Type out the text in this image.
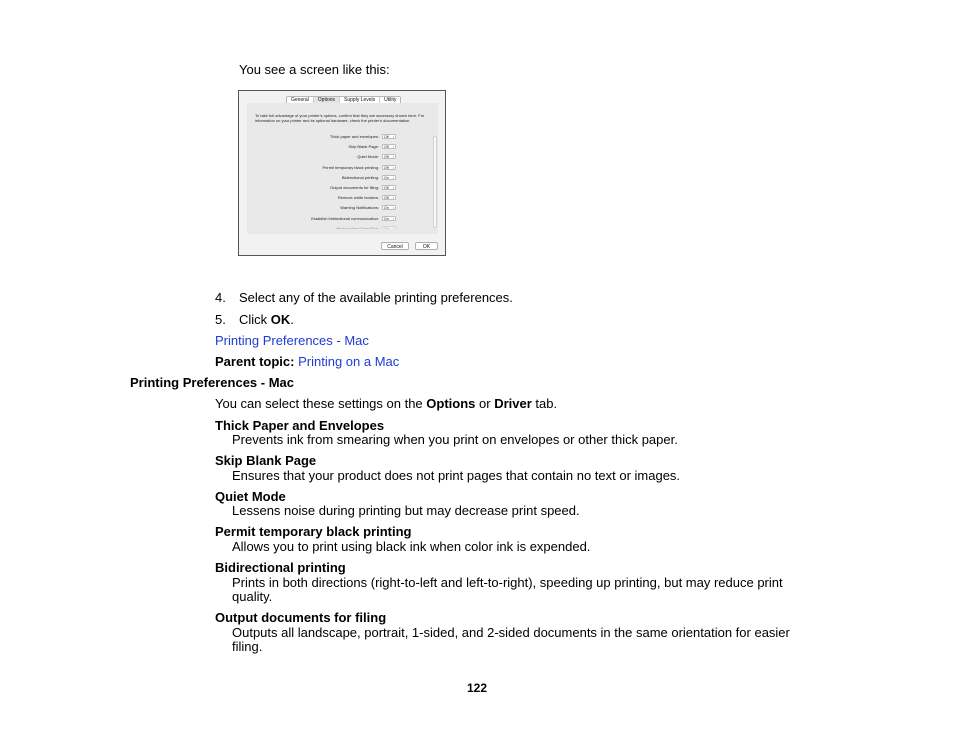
You see a screen like this:
General	Options	Supply Levels	Utility
To take full advantage of your printer's options, confirm that they are accessory shown here. For information on your printer and its optional hardware, check the printer's documentation.
Thick paper and envelopes:	Off ↕
Skip Blank Page:	Off ↕
Quiet Mode:	Off ↕
Permit temporary black printing:	Off ↕
Bidirectional printing:	On ↕
Output documents for filing:	Off ↕
Remove white borders:	Off ↕
Warning Notifications:	On ↕
Establish bidirectional communication:	On ↕
Reduce Print Data Size:	On ↕
Cancel	OK
4. Select any of the available printing preferences.
5. Click OK.
Printing Preferences - Mac
Parent topic: Printing on a Mac
Printing Preferences - Mac
You can select these settings on the Options or Driver tab.
Thick Paper and Envelopes
Prevents ink from smearing when you print on envelopes or other thick paper.
Skip Blank Page
Ensures that your product does not print pages that contain no text or images.
Quiet Mode
Lessens noise during printing but may decrease print speed.
Permit temporary black printing
Allows you to print using black ink when color ink is expended.
Bidirectional printing
Prints in both directions (right-to-left and left-to-right), speeding up printing, but may reduce print
quality.
Output documents for filing
Outputs all landscape, portrait, 1-sided, and 2-sided documents in the same orientation for easier
filing.
122
